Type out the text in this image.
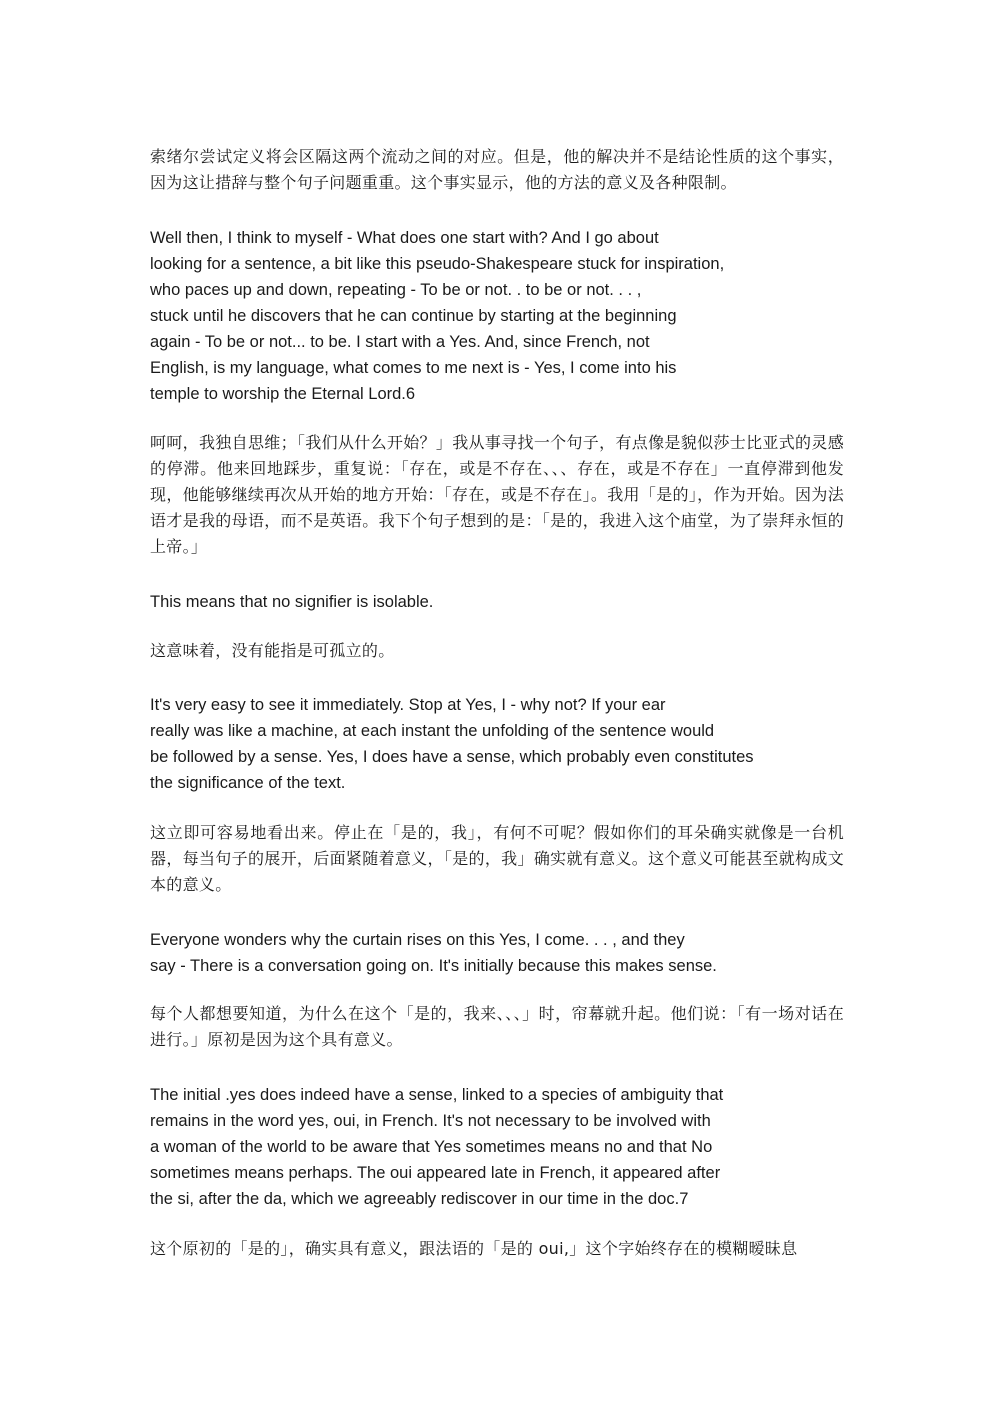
索绪尔尝试定义将会区隔这两个流动之间的对应。但是，他的解决并不是结论性质的这个事实，因为这让措辞与整个句子问题重重。这个事实显示，他的方法的意义及各种限制。

Well then, I think to myself - What does one start with? And I go about
looking for a sentence, a bit like this pseudo-Shakespeare stuck for inspiration,
who paces up and down, repeating - To be or not. . to be or not. . . ,
stuck until he discovers that he can continue by starting at the beginning
again - To be or not... to be. I start with a Yes. And, since French, not
English, is my language, what comes to me next is - Yes, I come into his
temple to worship the Eternal Lord.6

呵呵，我独自思维；「我们从什么开始？」我从事寻找一个句子，有点像是貌似莎士比亚式的灵感的停滞。他来回地踩步，重复说：「存在，或是不存在、、、存在，或是不存在」一直停滞到他发现，他能够继续再次从开始的地方开始：「存在，或是不存在」。我用「是的」，作为开始。因为法语才是我的母语，而不是英语。我下个句子想到的是：「是的，我进入这个庙堂，为了崇拜永恒的上帝。」

This means that no signifier is isolable.

这意味着，没有能指是可孤立的。

It's very easy to see it immediately. Stop at Yes, I - why not? If your ear
really was like a machine, at each instant the unfolding of the sentence would
be followed by a sense. Yes, I does have a sense, which probably even constitutes
the significance of the text.

这立即可容易地看出来。停止在「是的，我」，有何不可呢？假如你们的耳朵确实就像是一台机器，每当句子的展开，后面紧随着意义，「是的，我」确实就有意义。这个意义可能甚至就构成文本的意义。

Everyone wonders why the curtain rises on this Yes, I come. . . , and they
say - There is a conversation going on. It's initially because this makes sense.

每个人都想要知道，为什么在这个「是的，我来、、、」时，帘幕就升起。他们说：「有一场对话在进行。」原初是因为这个具有意义。

The initial .yes does indeed have a sense, linked to a species of ambiguity that
remains in the word yes, oui, in French. It's not necessary to be involved with
a woman of the world to be aware that Yes sometimes means no and that No
sometimes means perhaps. The oui appeared late in French, it appeared after
the si, after the da, which we agreeably rediscover in our time in the doc.7

这个原初的「是的」，确实具有意义，跟法语的「是的 oui,」这个字始终存在的模糊暧昧息
